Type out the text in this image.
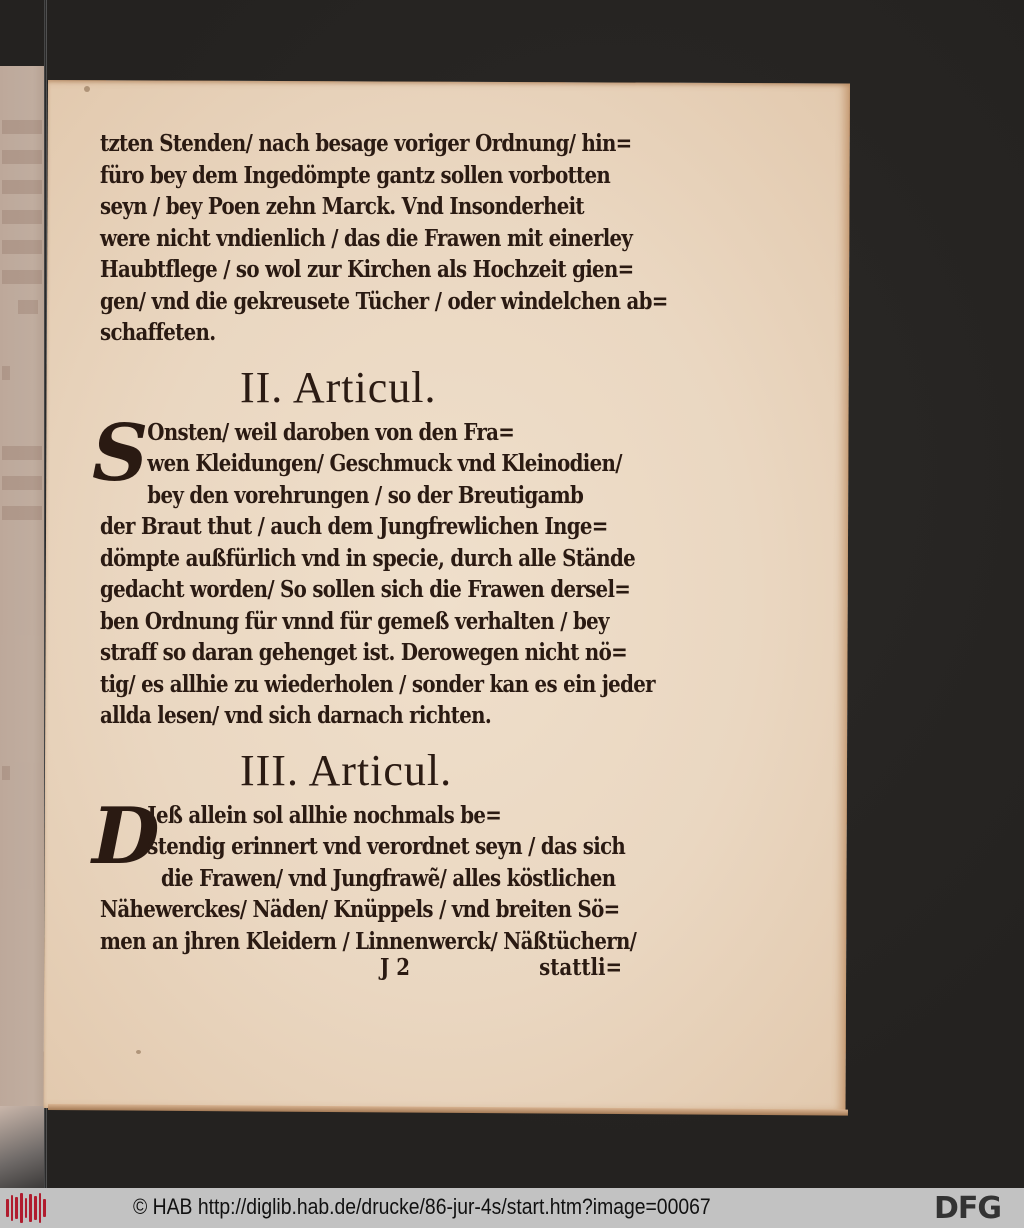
tzten Stenden/ nach besage voriger Ordnung/ hin=
füro bey dem Ingedömpte gantz sollen vorbotten
seyn / bey Poen zehn Marck. Vnd Insonderheit
were nicht vndienlich / das die Frawen mit einerley
Haubtflege / so wol zur Kirchen als Hochzeit gien=
gen/ vnd die gekreusete Tücher / oder windelchen ab=
schaffeten.
II. Articul.
S
Onsten/ weil daroben von den Fra=
wen Kleidungen/ Geschmuck vnd Kleinodien/
bey den vorehrungen / so der Breutigamb
der Braut thut / auch dem Jungfrewlichen Inge=
dömpte außfürlich vnd in specie, durch alle Stände
gedacht worden/ So sollen sich die Frawen dersel=
ben Ordnung für vnnd für gemeß verhalten / bey
straff so daran gehenget ist. Derowegen nicht nö=
tig/ es allhie zu wiederholen / sonder kan es ein jeder
allda lesen/ vnd sich darnach richten.
III. Articul.
D
Jeß allein sol allhie nochmals be=
stendig erinnert vnd verordnet seyn / das sich
die Frawen/ vnd Jungfrawẽ/ alles köstlichen
Nähewerckes/ Näden/ Knüppels / vnd breiten Sö=
men an jhren Kleidern / Linnenwerck/ Näßtüchern/
J 2	stattli=
© HAB http://diglib.hab.de/drucke/86-jur-4s/start.htm?image=00067	DFG
